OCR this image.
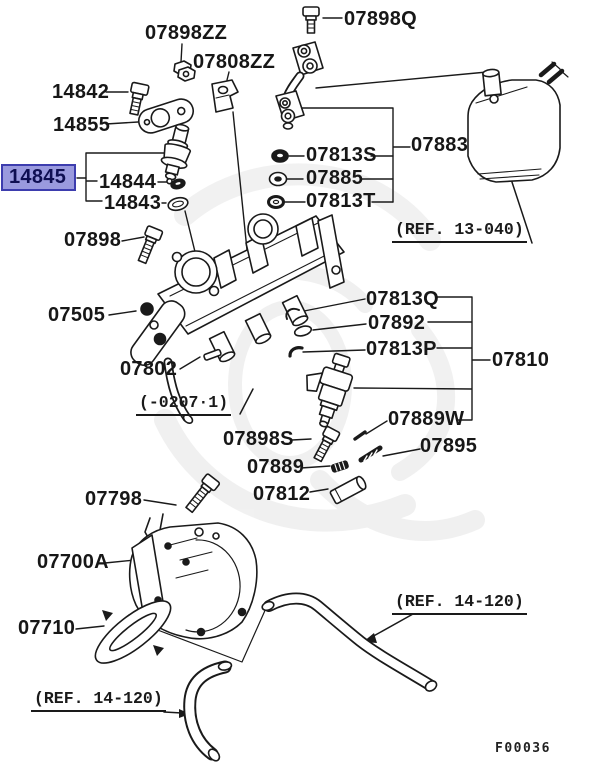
14845
07898ZZ
07808ZZ
07898Q
14842
14855
14844
14843
07898
07813S 07883
07885
07813T
07505
07813Q
07892
07813P	07810
07802
07889W
07898S	07895
07889
07812
07798
07700A
07710
(REF. 13-040)
(-0207·1)
(REF. 14-120)
(REF. 14-120)
F00036
